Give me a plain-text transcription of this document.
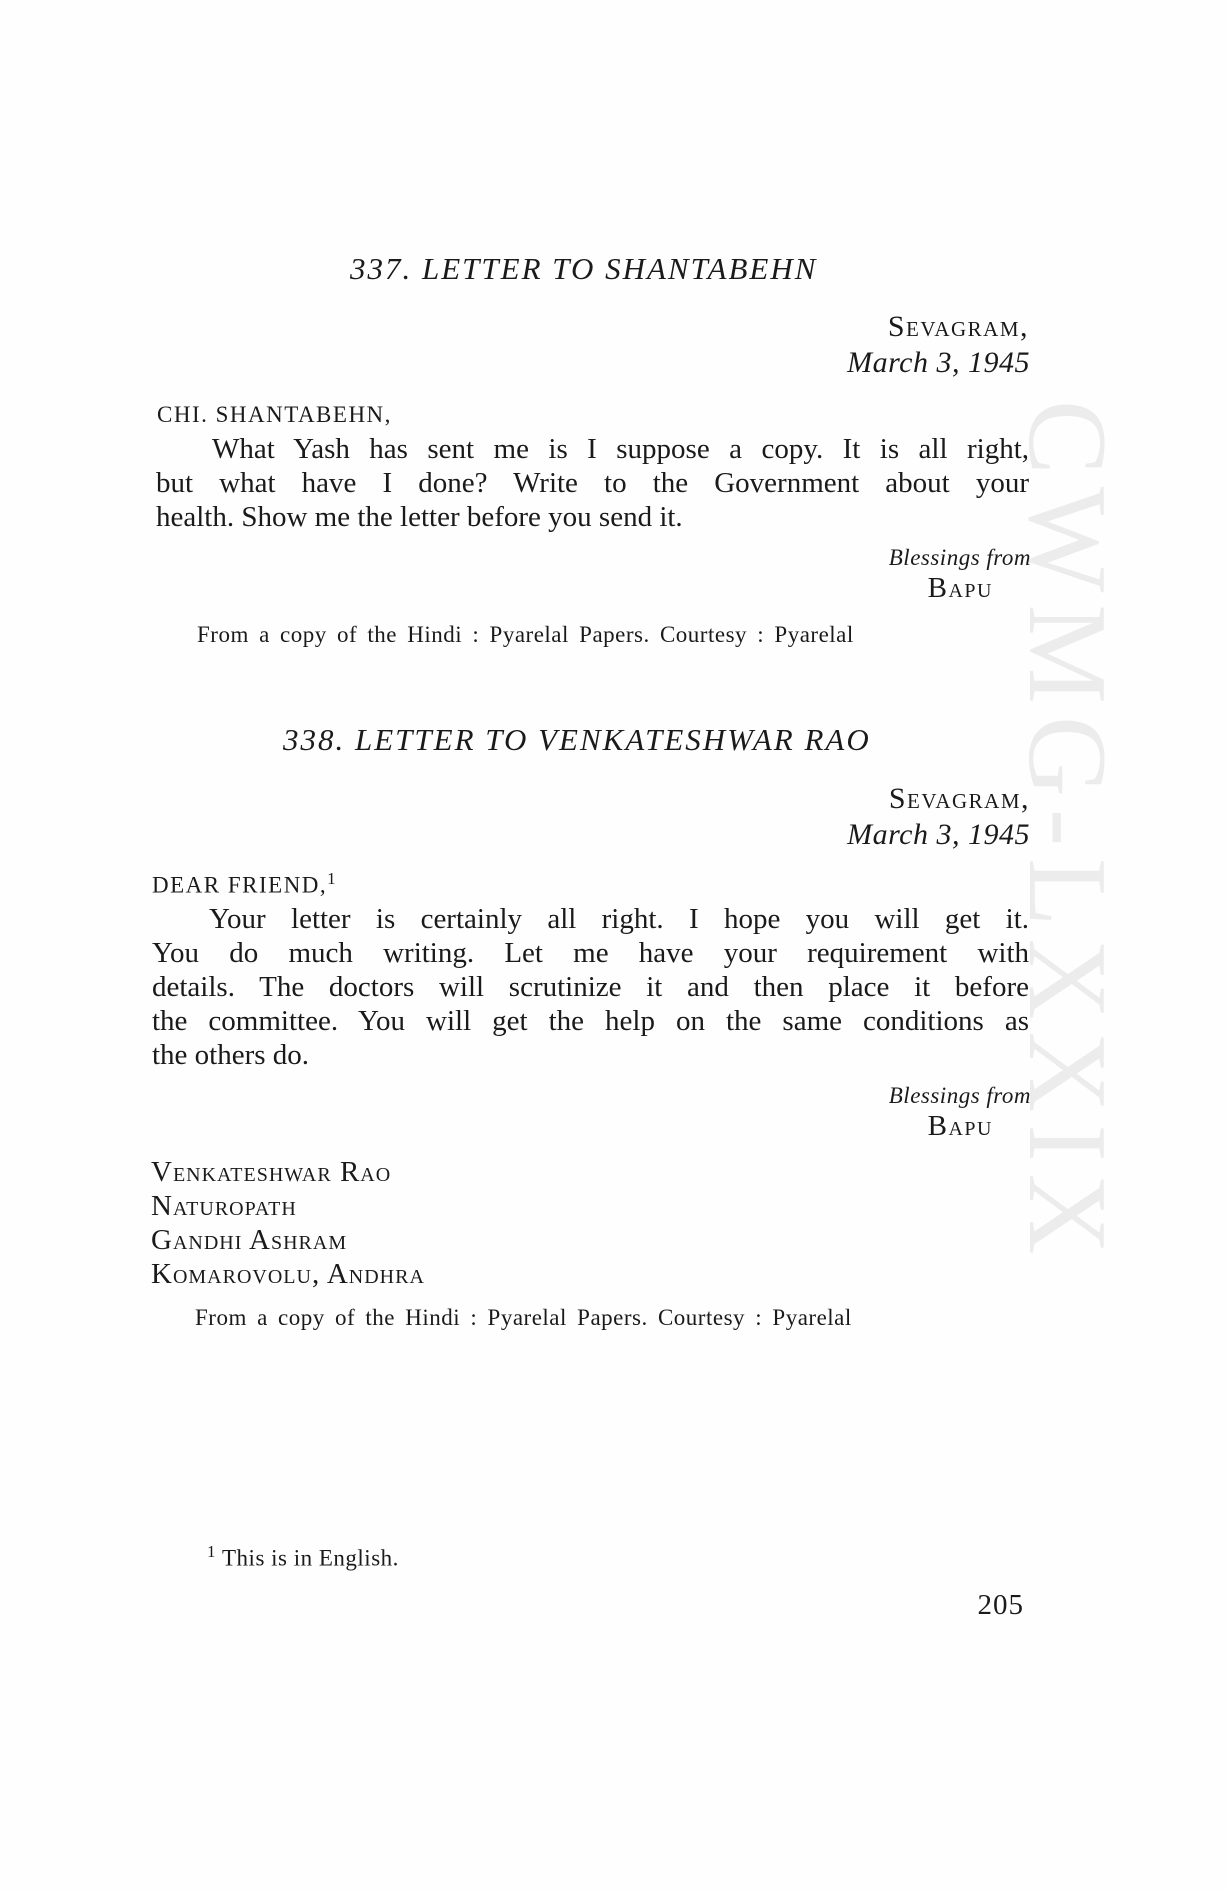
CWMG-LXXIX
337. LETTER TO SHANTABEHN
Sevagram,
March 3, 1945
CHI. SHANTABEHN,
What Yash has sent me is I suppose a copy. It is all right,
but what have I done? Write to the Government about your
health. Show me the letter before you send it.
Blessings from
Bapu
From a copy of the Hindi : Pyarelal Papers. Courtesy : Pyarelal
338. LETTER TO VENKATESHWAR RAO
Sevagram,
March 3, 1945
DEAR FRIEND,$^1$
Your letter is certainly all right. I hope you will get it.
You do much writing. Let me have your requirement with
details. The doctors will scrutinize it and then place it before
the committee. You will get the help on the same conditions as
the others do.
Blessings from
Bapu
Venkateshwar Rao
Naturopath
Gandhi Ashram
Komarovolu, Andhra
From a copy of the Hindi : Pyarelal Papers. Courtesy : Pyarelal
$^1$ This is in English.
205
